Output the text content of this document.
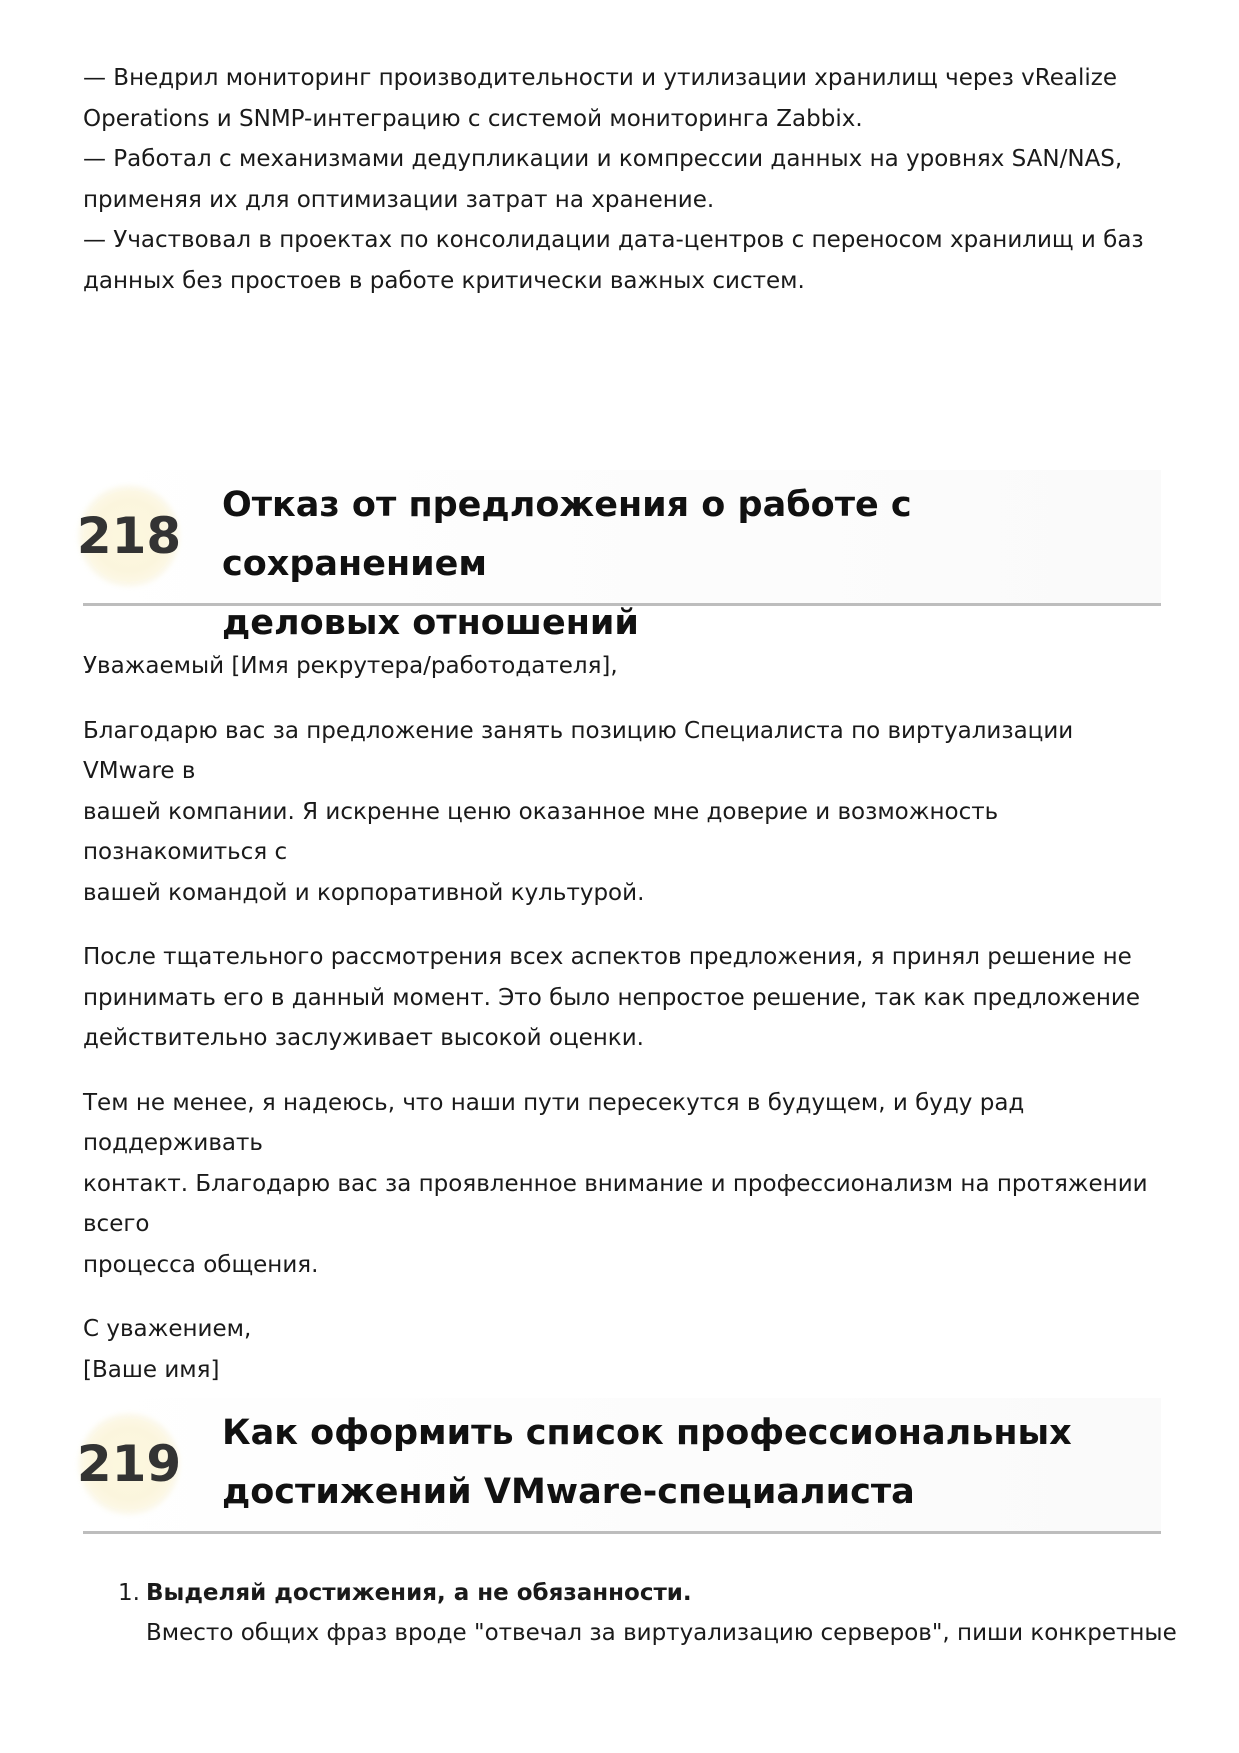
— Внедрил мониторинг производительности и утилизации хранилищ через vRealize

Operations и SNMP-интеграцию с системой мониторинга Zabbix.

— Работал с механизмами дедупликации и компрессии данных на уровнях SAN/NAS,

применяя их для оптимизации затрат на хранение.

— Участвовал в проектах по консолидации дата-центров с переносом хранилищ и баз

данных без простоев в работе критически важных систем.

218
Отказ от предложения о работе с сохранением
деловых отношений

Уважаемый [Имя рекрутера/работодателя],

Благодарю вас за предложение занять позицию Специалиста по виртуализации VMware в
вашей компании. Я искренне ценю оказанное мне доверие и возможность познакомиться с
вашей командой и корпоративной культурой.
После тщательного рассмотрения всех аспектов предложения, я принял решение не
принимать его в данный момент. Это было непростое решение, так как предложение
действительно заслуживает высокой оценки.
Тем не менее, я надеюсь, что наши пути пересекутся в будущем, и буду рад поддерживать
контакт. Благодарю вас за проявленное внимание и профессионализм на протяжении всего
процесса общения.
С уважением,
[Ваше имя]
219
Как оформить список профессиональных
достижений VMware-специалиста
1. Выделяй достижения, а не обязанности.
Вместо общих фраз вроде "отвечал за виртуализацию серверов", пиши конкретные
